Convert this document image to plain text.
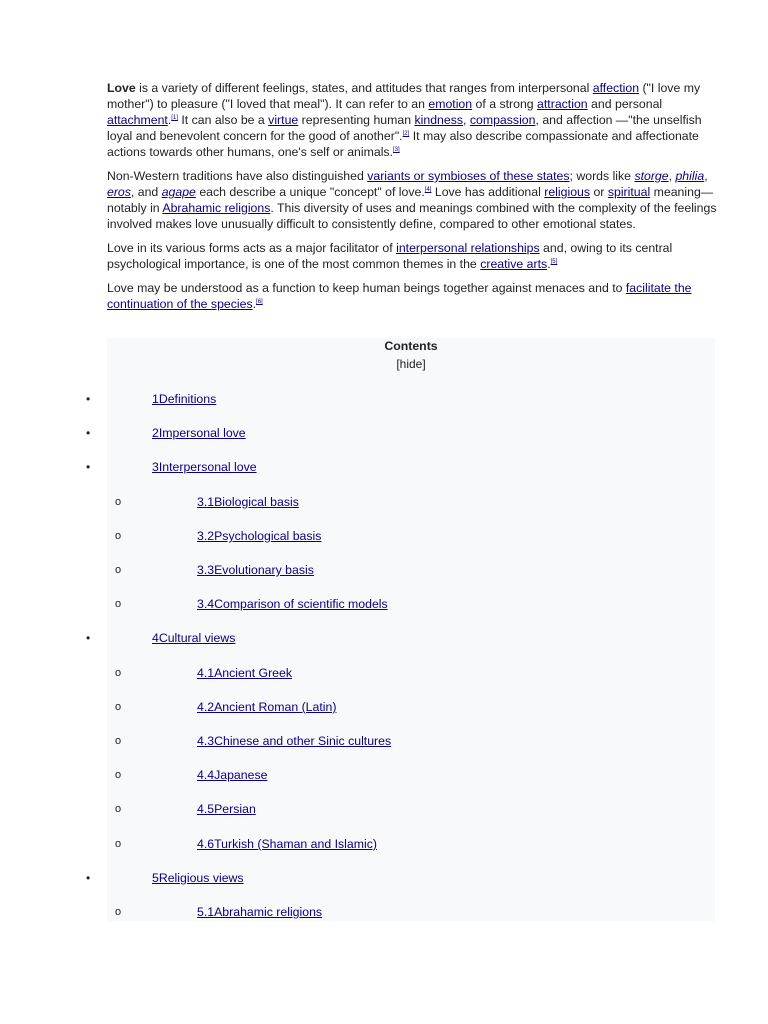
Love is a variety of different feelings, states, and attitudes that ranges from interpersonal affection ("I love my mother") to pleasure ("I loved that meal"). It can refer to an emotion of a strong attraction and personal attachment.[1] It can also be a virtue representing human kindness, compassion, and affection —"the unselfish loyal and benevolent concern for the good of another".[2] It may also describe compassionate and affectionate actions towards other humans, one's self or animals.[3]

Non-Western traditions have also distinguished variants or symbioses of these states; words like storge, philia, eros, and agape each describe a unique "concept" of love.[4] Love has additional religious or spiritual meaning—notably in Abrahamic religions. This diversity of uses and meanings combined with the complexity of the feelings involved makes love unusually difficult to consistently define, compared to other emotional states.

Love in its various forms acts as a major facilitator of interpersonal relationships and, owing to its central psychological importance, is one of the most common themes in the creative arts.[5]

Love may be understood as a function to keep human beings together against menaces and to facilitate the continuation of the species.[6]

Contents
[hide]
•	1Definitions
•	2Impersonal love
•	3Interpersonal love
o	3.1Biological basis
o	3.2Psychological basis
o	3.3Evolutionary basis
o	3.4Comparison of scientific models
•	4Cultural views
o	4.1Ancient Greek
o	4.2Ancient Roman (Latin)
o	4.3Chinese and other Sinic cultures
o	4.4Japanese
o	4.5Persian
o	4.6Turkish (Shaman and Islamic)
•	5Religious views
o	5.1Abrahamic religions
